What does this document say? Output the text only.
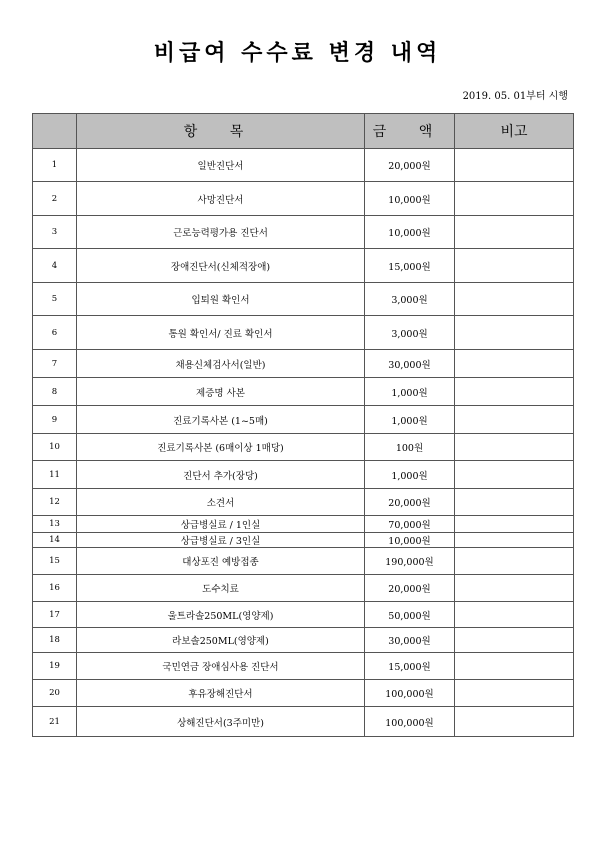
비급여 수수료 변경 내역
2019. 05. 01부터 시행
	항 목	금 액	비고
1	일반진단서	20,000원	
2	사망진단서	10,000원	
3	근로능력평가용 진단서	10,000원	
4	장애진단서(신체적장애)	15,000원	
5	입퇴원 확인서	3,000원	
6	통원 확인서/ 진료 확인서	3,000원	
7	채용신체검사서(일반)	30,000원	
8	제증명 사본	1,000원	
9	진료기록사본 (1~5매)	1,000원	
10	진료기록사본 (6매이상 1매당)	100원	
11	진단서 추가(장당)	1,000원	
12	소견서	20,000원	
13	상급병실료 / 1인실	70,000원	
14	상급병실료 / 3인실	10,000원	
15	대상포진 예방접종	190,000원	
16	도수치료	20,000원	
17	울트라솔250ML(영양제)	50,000원	
18	라보솔250ML(영양제)	30,000원	
19	국민연금 장애심사용 진단서	15,000원	
20	후유장해진단서	100,000원	
21	상해진단서(3주미만)	100,000원	
